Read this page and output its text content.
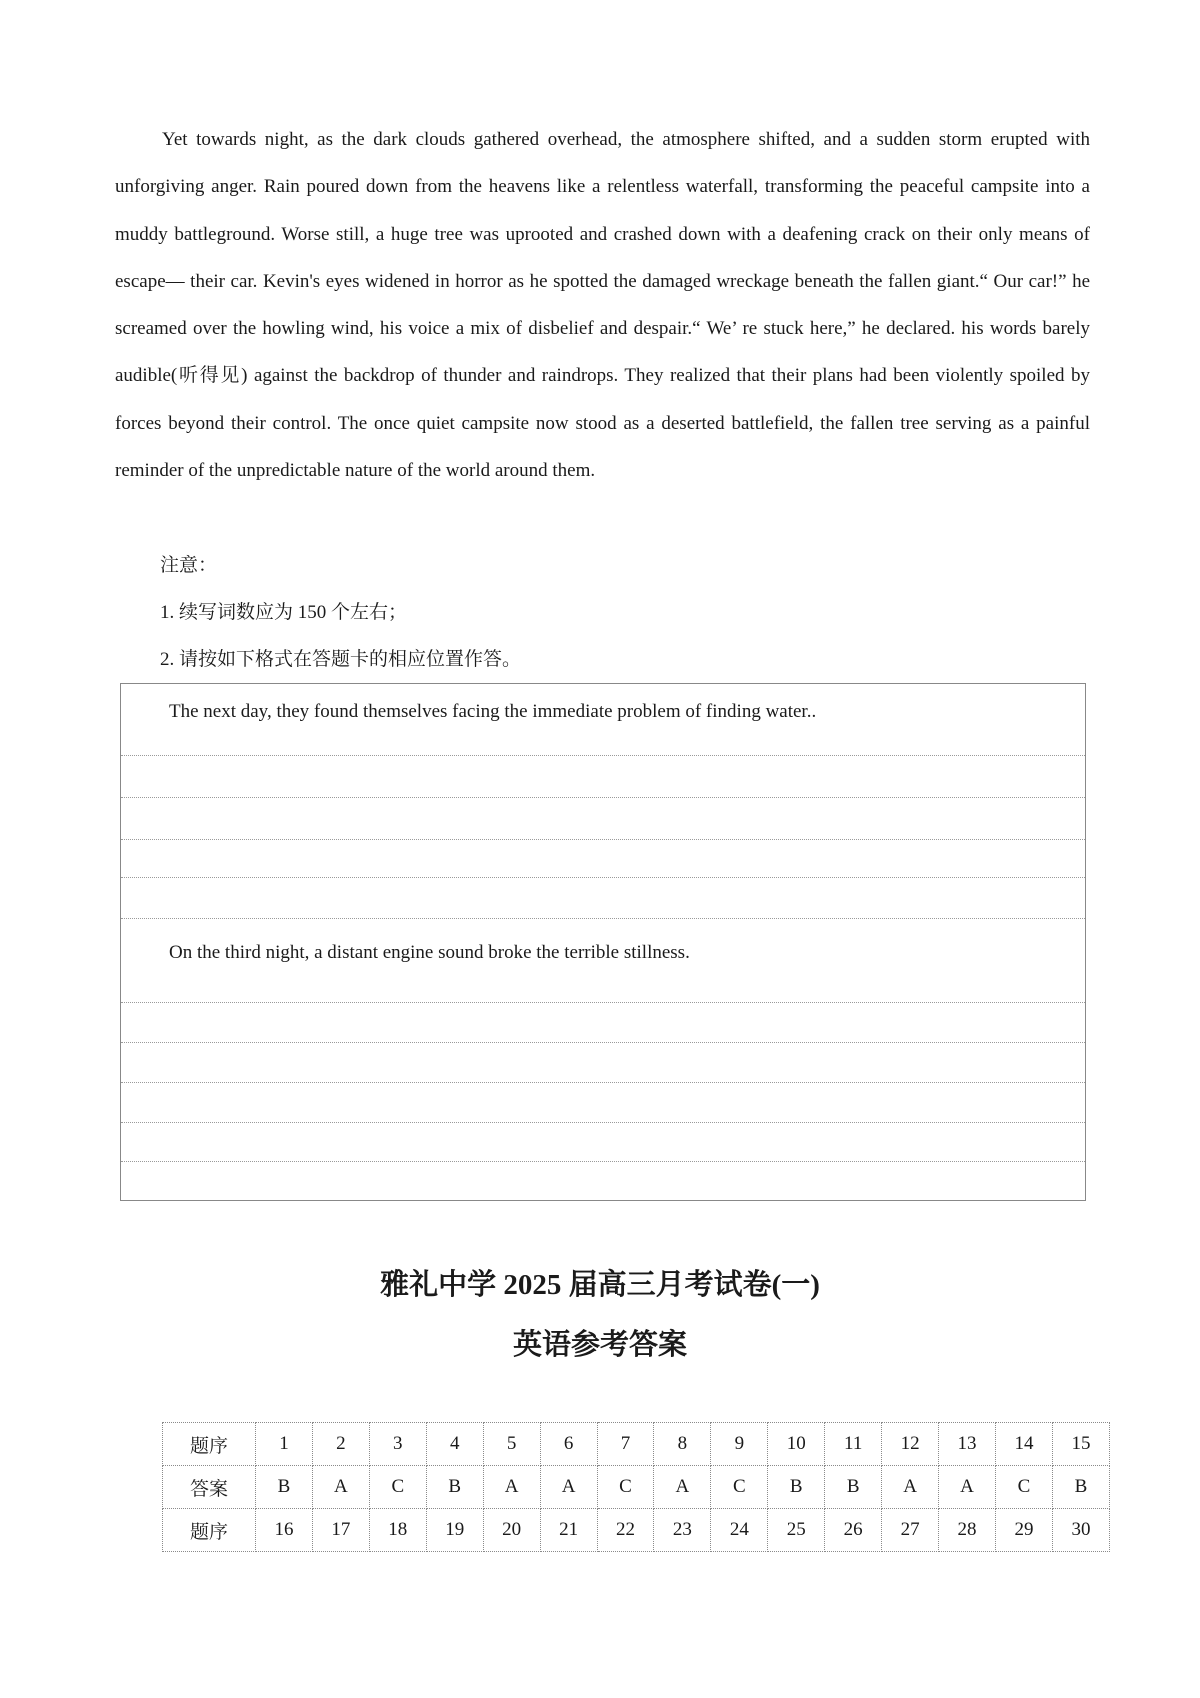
Yet towards night, as the dark clouds gathered overhead, the atmosphere shifted, and a sudden storm erupted with unforgiving anger. Rain poured down from the heavens like a relentless waterfall, transforming the peaceful campsite into a muddy battleground. Worse still, a huge tree was uprooted and crashed down with a deafening crack on their only means of escape— their car. Kevin's eyes widened in horror as he spotted the damaged wreckage beneath the fallen giant.“ Our car!” he screamed over the howling wind, his voice a mix of disbelief and despair.“ We’ re stuck here,” he declared. his words barely audible(听得见) against the backdrop of thunder and raindrops. They realized that their plans had been violently spoiled by forces beyond their control. The once quiet campsite now stood as a deserted battlefield, the fallen tree serving as a painful reminder of the unpredictable nature of the world around them.

注意：

1. 续写词数应为 150 个左右；

2. 请按如下格式在答题卡的相应位置作答。

The next day, they found themselves facing the immediate problem of finding water..
On the third night, a distant engine sound broke the terrible stillness.
雅礼中学 2025 届高三月考试卷(一)
英语参考答案
题序	1	2	3	4	5	6	7	8	9	10	11	12	13	14	15
答案	B	A	C	B	A	A	C	A	C	B	B	A	A	C	B
题序	16	17	18	19	20	21	22	23	24	25	26	27	28	29	30
